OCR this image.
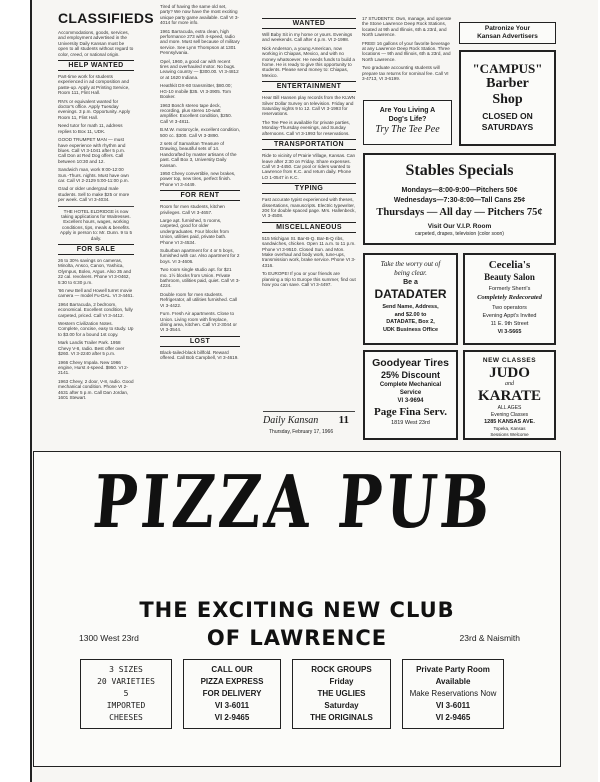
CLASSIFIEDS
Accommodations, goods, services, and employment advertised in the University Daily Kansan must be open to all students without regard to color, creed, or national origin.
HELP WANTED

Part-time work for students experienced in ad composition and paste-up. Apply at Printing Service, Room 111, Flint Hall.

RN's or equivalent wanted for doctor's office. Apply Tuesday evenings. 3 p.m. Opportunity. Apply Room 11, Flint Hall.

Need tutor for math 11, address replies to Box 11, UDK.

GOOD TRUMPET MAN — must have experience with rhythm and blues. Call VI 3-1041 after 5 p.m. Call Don at Red Dog offers. Call between 10:30 and 12.

Sandwich man, work 9:00-12:00 Sun.-Thurs. nights. Must have own car. Call VI 2-2129 5:00-11:00 p.m.

Grad or older undergrad male students. Sell to make $25 or more per week. Call VI 3-4034.

THE HOTEL ELDRIDGE is now taking applications for Waitresses. Excellent hours, wages, working conditions, tips, meals & benefits. Apply in person to: Mr. Dunn. 9 to 5 daily.
FOR SALE

26 to 30% savings on cameras, Minolta, Ansco, Canon, Yashica, Olympus, Bolex, Argus. Also 35 and 22 cal. revolvers. Phone VI 3-0462, 5:30 to 6:30 p.m.

'66 new Bell and Howell turret movie camera — model Fu-DAL. VI 3-4461.

1964 Barracuda, 2 bedroom, economical. Excellent condition, fully carpeted, priced. Call VI 3-4412.

Western Civilization Notes. Complete, concise, easy to study. Up to $3.00 for a bound 1st copy.

Mark Landis Trailer Park. 1958 Chevy V-8, radio. Best offer over $260. VI 3-2240 after 5 p.m.

1966 Chevy Impala. New 1966 engine, Hurst 4-speed. $950. VI 2-2141.

1963 Chevy, 2 door, V-8, radio. Good mechanical condition. Phone VI 2-4631 after 5 p.m. Call Dan Jordan, 1601 Stewart.

Tired of having the same old set, party? We now have the most exciting unique party game available. Call VI 3-4014 for more info.

1961 Barracuda, extra clean, high performance 273 with 4-speed, radio and more. Must sell because of military service. See Lynn Thompson at 1301 Pennsylvania.

Opel, 1960, a good car with recent tires and overhauled motor. No bugs. Leaving country — $300.00. VI 3-4812 or at 1620 Indiana.

Heathkit DX-60 transmitter, $80.00; HG-10 mobile $35. VI 3-3905. Tom Booker.

1963 Bosch stereo tape deck, recording, plus stereo 10-watt amplifier. Excellent condition, $250. Call VI 3-4811.

B.M.W. motorcycle, excellent condition, 500 cc. $300. Call VI 3-3890.

2 sets of Samaritan Treasure of Drawing, beautiful sets of 14. Handcrafted by master artisans of the past. Call Box 3, University Daily Kansan.

1950 Chevy convertible, new brakes, power top, new tires, perfect finish. Phone VI 3-4449.

FOR RENT

Room for men students, kitchen privileges. Call VI 3-4657.

Large apt. furnished, 5 rooms, carpeted, good for older undergraduates. Four blocks from Union, utilities paid, private bath. Phone VI 3-4534.

Suburban apartment for 4 or 5 boys, furnished with car. Also apartment for 2 boys. VI 3-4606.

Two room single studio apt. for $21 mo. 1½ blocks from Union. Private bathroom, utilities paid, quiet. Call VI 3-4224.

Double room for men students. Refrigerator, all utilities furnished. Call VI 3-4422.

Furn. Fresh Air apartments. Close to Union. Living room with fireplace, dining area, kitchen. Call VI 2-3044 or VI 3-3544.

LOST
Black-tailed-black billfold. Reward offered. Call Bob Campbell, VI 3-4619.
WANTED

Will Baby Sit in my home or yours. Evenings and weekends. Call after 4 p.m. VI 2-1998.

Nick Anderson, a young American, now working in Chiapas, Mexico, and with no money whatsoever. He needs funds to build a home. He is ready to give this opportunity to students. Please send money to: Chiapas, Mexico.

ENTERTAINMENT

Hear Bill Hansen play records from the KLWN Silver Dollar Survey on television. Friday and Saturday nights 9 to 12. Call VI 3-1993 for reservations.

The Tee Pee is available for private parties, Monday-Thursday evenings, and Sunday afternoons. Call VI 3-1993 for reservations.

TRANSPORTATION

Ride to vicinity of Prairie Village, Kansas. Can leave after 2:30 on Friday. Share expenses. Call VI 3-4450. Car pool or riders wanted to Lawrence from K.C. and return daily. Phone LO 1-0547 in K.C.

TYPING

Fast accurate typist experienced with theses, dissertations, manuscripts. Electric typewriter, 20¢ for double spaced page. Mrs. Hallenbeck, VI 3-4508.

MISCELLANEOUS

515 Michigan St. Bar-B-Q. Bar-B-Q ribs, sandwiches, chicken. Open 11 a.m. to 11 p.m. Phone VI 3-9510. Closed Sun. and Mon. Make overhaul and body work, tune-ups, transmission work, brake service. Phone VI 3-4316.

To EUROPE! If you or your friends are planning a trip to Europe this summer, find out how you can save. Call VI 3-4497.

Daily Kansan 11
Thursday, February 17, 1966

17 STUDENTS: Own, manage, and operate the Stone Lawrence Deep Rock Stations, located at 9th and Illinois, 6th & 23rd, and North Lawrence.

FREE! 16 gallons of your favorite beverage at any Lawrence Deep Rock Station. Three locations — 9th and Illinois, 6th & 23rd, and North Lawrence.

Two graduate accounting students will prepare tax returns for nominal fee. Call VI 3-4713, VI 3-6199.

Are You Living A
Dog's Life?
Try The Tee Pee
Patronize Your
Kansan Advertisers
"CAMPUS"
Barber
Shop
CLOSED ON
SATURDAYS
Stables Specials
Mondays—8:00-9:00—Pitchers 50¢
Wednesdays—7:30-8:00—Tall Cans 25¢
Thursdays — All day — Pitchers 75¢
Visit Our V.I.P. Room
carpeted, drapes, television (color soon)
Take the worry out of
being clear.
Be a
DATADATER
Send Name, Address,
and $2.00 to
DATADATE, Box 2,
UDK Business Office
Cecelia's
Beauty Salon
Formerly Sherri's
Completely Redecorated
Two operators
Evening Appt's Invited
11 E. 9th Street
VI 3-5665
Goodyear Tires
25% Discount
Complete Mechanical
Service
VI 3-9694
Page Fina Serv.
1819 West 23rd
NEW CLASSES
JUDO
and
KARATE
ALL AGES
Evening Classes
1285 KANSAS AVE.
Topeka, Kansas
Sessions Welcome
PIZZA PUB
THE EXCITING NEW CLUB
OF LAWRENCE
1300 West 23rd	23rd & Naismith
3 SIZES
20 VARIETIES
5
IMPORTED
CHEESES
CALL OUR
PIZZA EXPRESS
FOR DELIVERY
VI 3-6011
VI 2-9465
ROCK GROUPS
Friday
THE UGLIES
Saturday
THE ORIGINALS
Private Party Room
Available
Make Reservations Now
VI 3-6011
VI 2-9465
